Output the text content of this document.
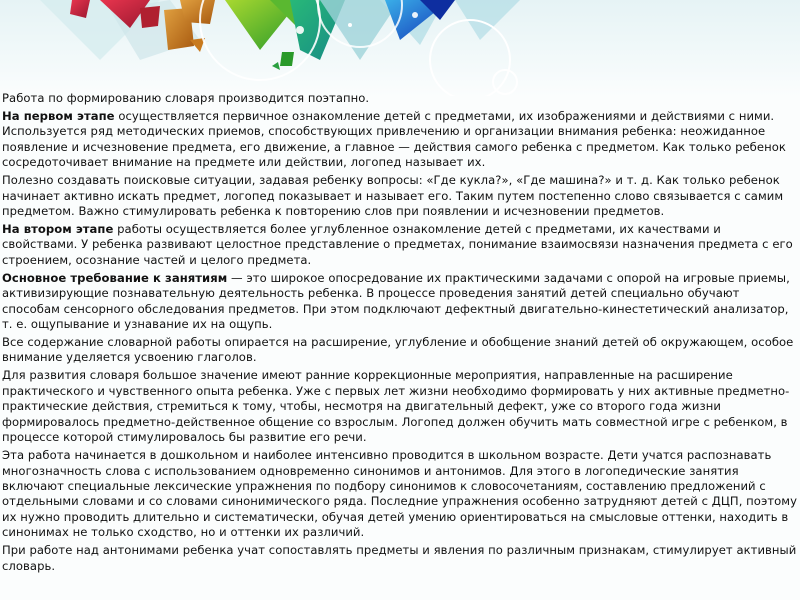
Работа по формированию словаря производится поэтапно.

На первом этапе осуществляется первичное ознакомление детей с предметами, их изображениями и действиями с ними. Используется ряд методических приемов, способствующих привлечению и организации внимания ребенка: неожиданное появление и исчезновение предмета, его движение, а главное — действия самого ребенка с предметом. Как только ребенок сосредоточивает внимание на предмете или действии, логопед называет их.

Полезно создавать поисковые ситуации, задавая ребенку вопросы: «Где кукла?», «Где машина?» и т. д. Как только ребенок начинает активно искать предмет, логопед показывает и называет его. Таким путем постепенно слово связывается с самим предметом. Важно стимулировать ребенка к повторению слов при появлении и исчезновении предметов.

На втором этапе работы осуществляется более углубленное ознакомление детей с предметами, их качествами и свойствами. У ребенка развивают целостное представление о предметах, понимание взаимосвязи назначения предмета с его строением, осознание частей и целого предмета.

Основное требование к занятиям — это широкое опосредование их практическими задачами с опорой на игровые приемы, активизирующие познавательную деятельность ребенка. В процессе проведения занятий детей специально обучают способам сенсорного обследования предметов. При этом подключают дефектный двигательно-кинестетический анализатор, т. е. ощупывание и узнавание их на ощупь.

Все содержание словарной работы опирается на расширение, углубление и обобщение знаний детей об окружающем, особое внимание уделяется усвоению глаголов.

Для развития словаря большое значение имеют ранние коррекционные мероприятия, направленные на расширение практического и чувственного опыта ребенка. Уже с первых лет жизни необходимо формировать у них активные предметно-практические действия, стремиться к тому, чтобы, несмотря на двигательный дефект, уже со второго года жизни формировалось предметно-действенное общение со взрослым. Логопед должен обучить мать совместной игре с ребенком, в процессе которой стимулировалось бы развитие его речи.

Эта работа начинается в дошкольном и наиболее интенсивно проводится в школьном возрасте. Дети учатся распознавать многозначность слова с использованием одновременно синонимов и антонимов. Для этого в логопедические занятия включают специальные лексические упражнения по подбору синонимов к словосочетаниям, составлению предложений с отдельными словами и со словами синонимического ряда. Последние упражнения особенно затрудняют детей с ДЦП, поэтому их нужно проводить длительно и систематически, обучая детей умению ориентироваться на смысловые оттенки, находить в синонимах не только сходство, но и оттенки их различий.

При работе над антонимами ребенка учат сопоставлять предметы и явления по различным признакам, стимулирует активный словарь.
